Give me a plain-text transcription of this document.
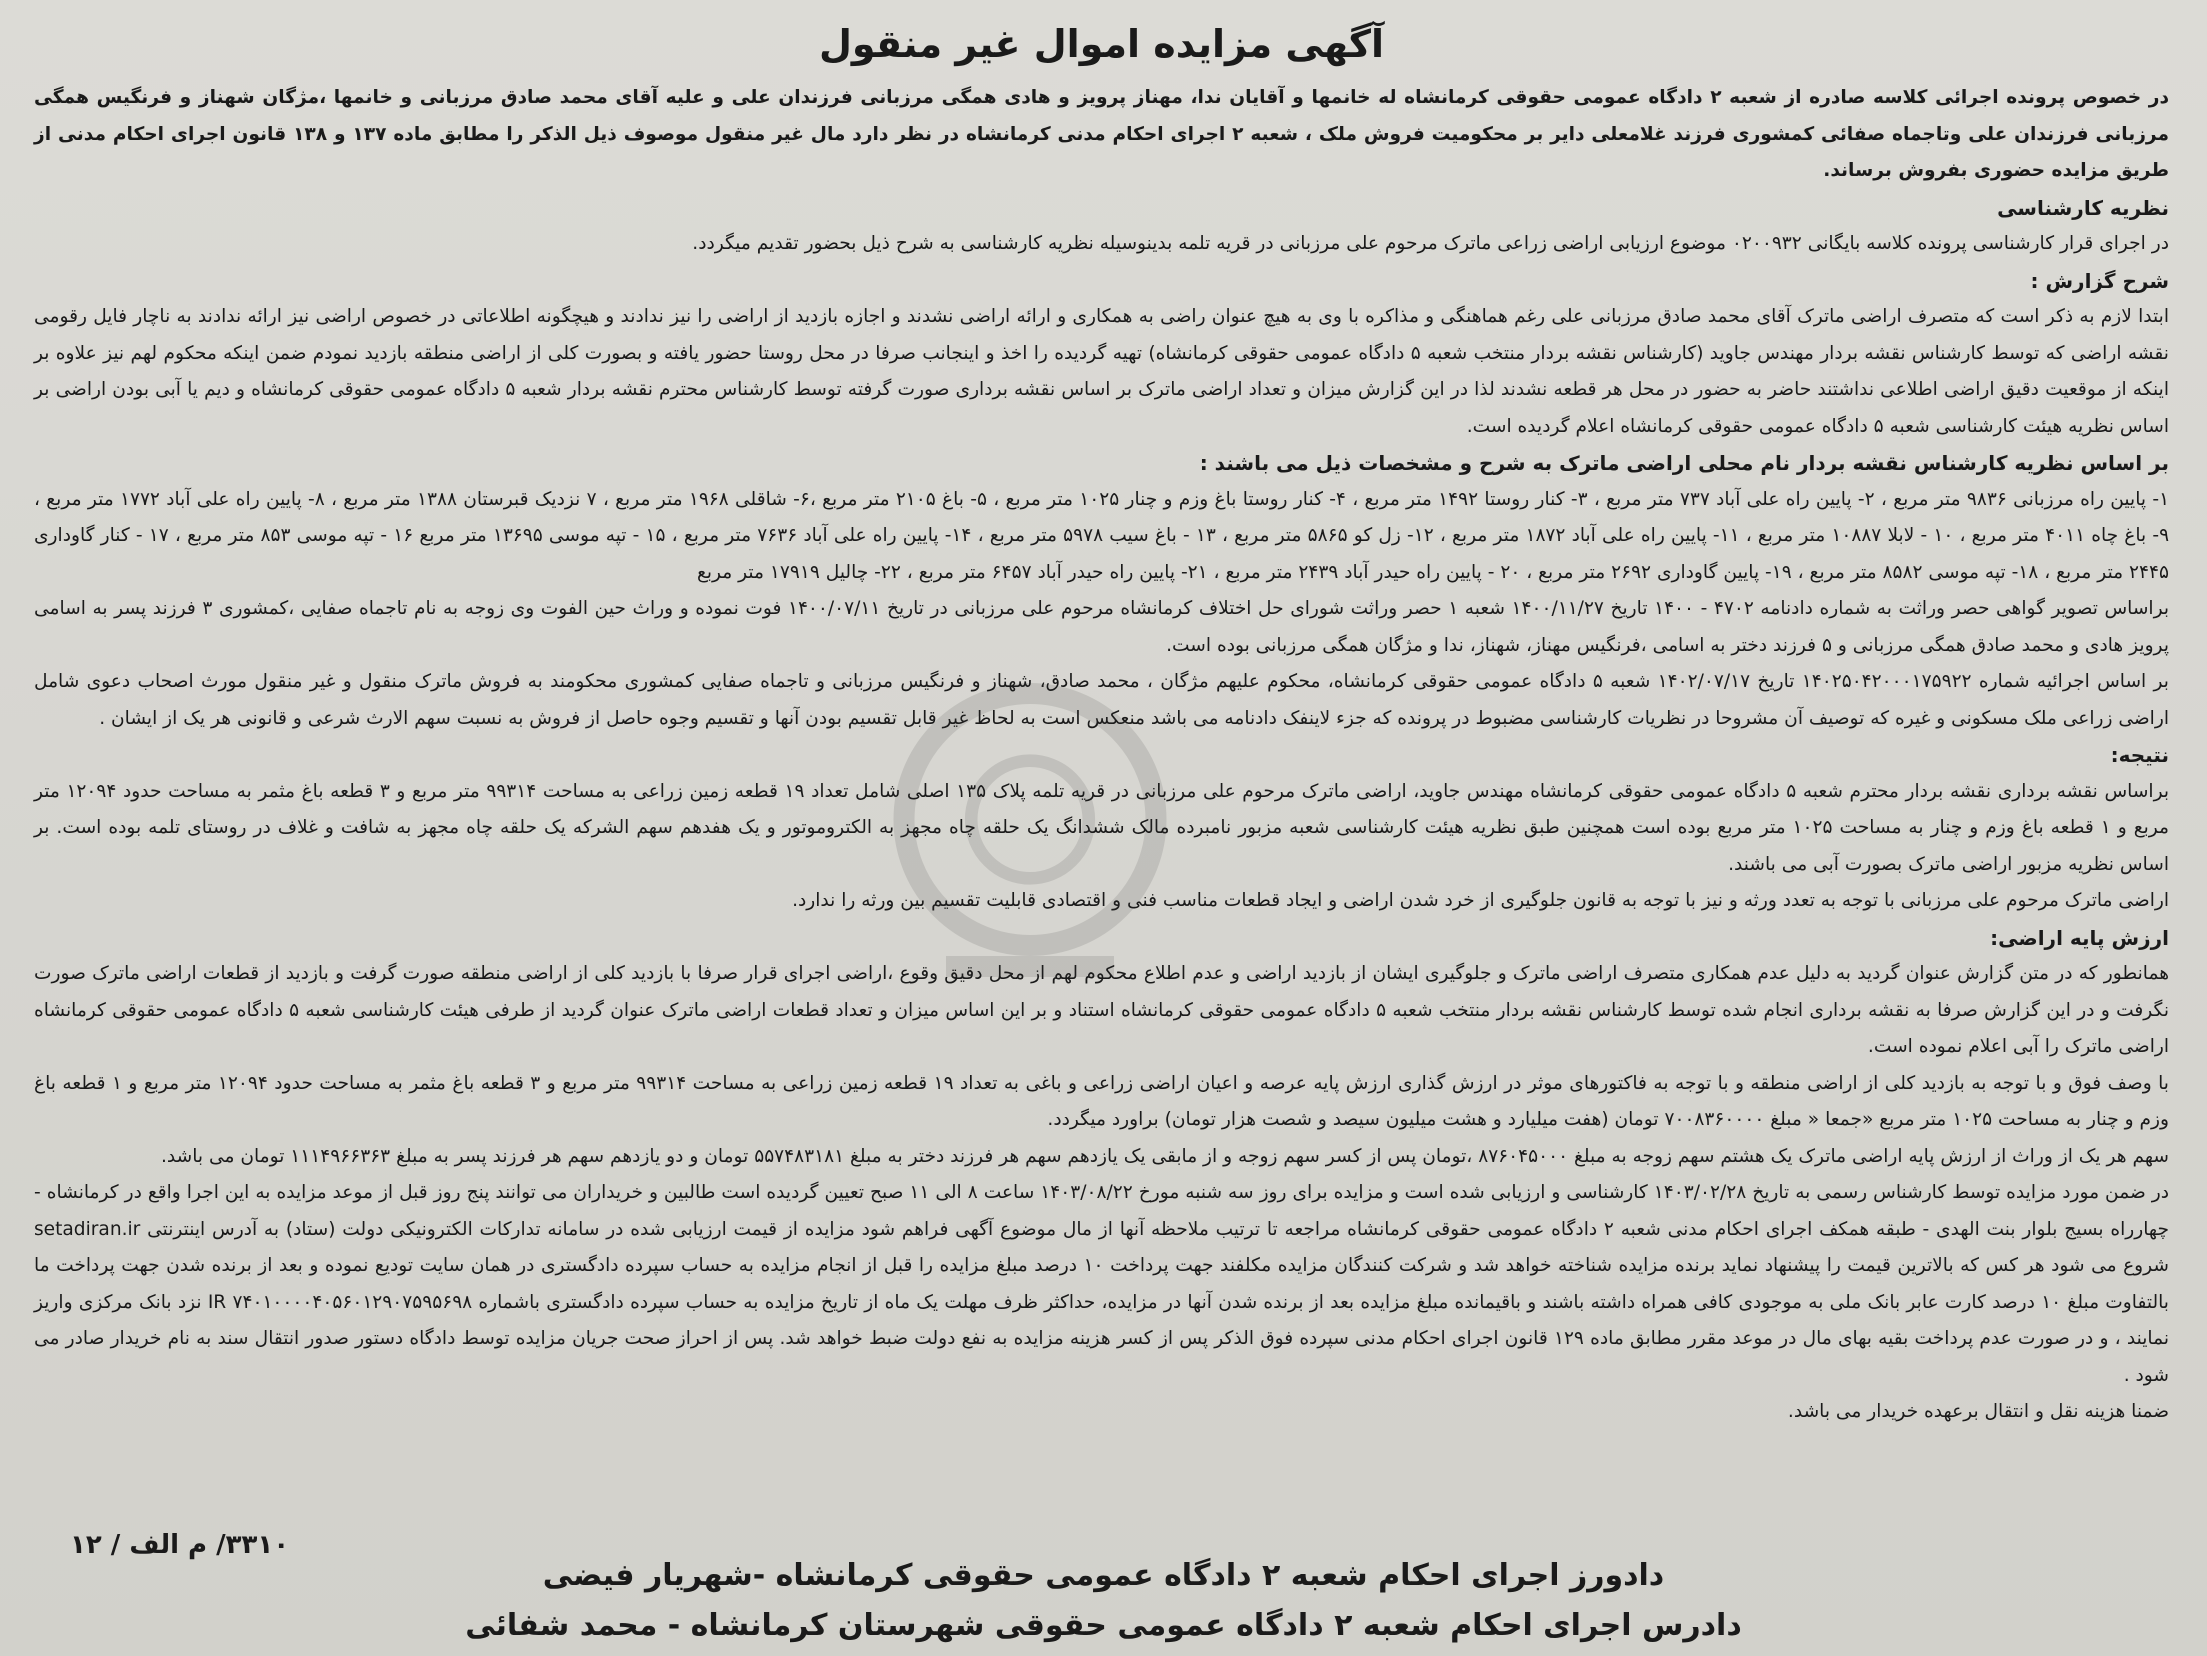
آگهی مزایده اموال غیر منقول

در خصوص پرونده اجرائی کلاسه صادره از شعبه ۲ دادگاه عمومی حقوقی کرمانشاه له خانمها و آقایان ندا، مهناز پرویز و هادی همگی مرزبانی فرزندان علی و علیه آقای محمد صادق مرزبانی و خانمها ،مژگان شهناز و فرنگیس همگی مرزبانی فرزندان علی وتاجماه صفائی کمشوری فرزند غلامعلی دایر بر محکومیت فروش ملک ، شعبه ۲ اجرای احکام مدنی کرمانشاه در نظر دارد مال غیر منقول موصوف ذیل الذکر را مطابق ماده ۱۳۷ و ۱۳۸ قانون اجرای احکام مدنی از طریق مزایده حضوری بفروش برساند.

نظریه کارشناسی

در اجرای قرار کارشناسی پرونده کلاسه بایگانی ۰۲۰۰۹۳۲ موضوع ارزیابی اراضی زراعی ماترک مرحوم علی مرزبانی در قریه تلمه بدینوسیله نظریه کارشناسی به شرح ذیل بحضور تقدیم میگردد.

شرح گزارش :

ابتدا لازم به ذکر است که متصرف اراضی ماترک آقای محمد صادق مرزبانی علی رغم هماهنگی و مذاکره با وی به هیچ عنوان راضی به همکاری و ارائه اراضی نشدند و اجازه بازدید از اراضی را نیز ندادند و هیچگونه اطلاعاتی در خصوص اراضی نیز ارائه ندادند به ناچار فایل رقومی نقشه اراضی که توسط کارشناس نقشه بردار مهندس جاوید (کارشناس نقشه بردار منتخب شعبه ۵ دادگاه عمومی حقوقی کرمانشاه) تهیه گردیده را اخذ و اینجانب صرفا در محل روستا حضور یافته و بصورت کلی از اراضی منطقه بازدید نمودم ضمن اینکه محکوم لهم نیز علاوه بر اینکه از موقعیت دقیق اراضی اطلاعی نداشتند حاضر به حضور در محل هر قطعه نشدند لذا در این گزارش میزان و تعداد اراضی ماترک بر اساس نقشه برداری صورت گرفته توسط کارشناس محترم نقشه بردار شعبه ۵ دادگاه عمومی حقوقی کرمانشاه و دیم یا آبی بودن اراضی بر اساس نظریه هیئت کارشناسی شعبه ۵ دادگاه عمومی حقوقی کرمانشاه اعلام گردیده است.

بر اساس نظریه کارشناس نقشه بردار نام محلی اراضی ماترک به شرح و مشخصات ذیل می باشند :

۱- پایین راه مرزبانی ۹۸۳۶ متر مربع ، ۲- پایین راه علی آباد ۷۳۷ متر مربع ، ۳- کنار روستا ۱۴۹۲ متر مربع ، ۴- کنار روستا باغ وزم و چنار ۱۰۲۵ متر مربع ، ۵- باغ ۲۱۰۵ متر مربع ،۶- شاقلی ۱۹۶۸ متر مربع ، ۷ نزدیک قبرستان ۱۳۸۸ متر مربع ، ۸- پایین راه علی آباد ۱۷۷۲ متر مربع ، ۹- باغ چاه ۴۰۱۱ متر مربع ، ۱۰ - لابلا ۱۰۸۸۷ متر مربع ، ۱۱- پایین راه علی آباد ۱۸۷۲ متر مربع ، ۱۲- زل کو ۵۸۶۵ متر مربع ، ۱۳ - باغ سیب ۵۹۷۸ متر مربع ، ۱۴- پایین راه علی آباد ۷۶۳۶ متر مربع ، ۱۵ - تپه موسی ۱۳۶۹۵ متر مربع ۱۶ - تپه موسی ۸۵۳ متر مربع ، ۱۷ - کنار گاوداری ۲۴۴۵ متر مربع ، ۱۸- تپه موسی ۸۵۸۲ متر مربع ، ۱۹- پایین گاوداری ۲۶۹۲ متر مربع ، ۲۰ - پایین راه حیدر آباد ۲۴۳۹ متر مربع ، ۲۱- پایین راه حیدر آباد ۶۴۵۷ متر مربع ، ۲۲- چالیل ۱۷۹۱۹ متر مربع

براساس تصویر گواهی حصر وراثت به شماره دادنامه ۴۷۰۲ - ۱۴۰۰ تاریخ ۱۴۰۰/۱۱/۲۷ شعبه ۱ حصر وراثت شورای حل اختلاف کرمانشاه مرحوم علی مرزبانی در تاریخ ۱۴۰۰/۰۷/۱۱ فوت نموده و وراث حین الفوت وی زوجه به نام تاجماه صفایی ،کمشوری ۳ فرزند پسر به اسامی پرویز هادی و محمد صادق همگی مرزبانی و ۵ فرزند دختر به اسامی ،فرنگیس مهناز، شهناز، ندا و مژگان همگی مرزبانی بوده است.

بر اساس اجرائیه شماره ۱۴۰۲۵۰۴۲۰۰۰۱۷۵۹۲۲ تاریخ ۱۴۰۲/۰۷/۱۷ شعبه ۵ دادگاه عمومی حقوقی کرمانشاه، محکوم علیهم مژگان ، محمد صادق، شهناز و فرنگیس مرزبانی و تاجماه صفایی کمشوری محکومند به فروش ماترک منقول و غیر منقول مورث اصحاب دعوی شامل اراضی زراعی ملک مسکونی و غیره که توصیف آن مشروحا در نظریات کارشناسی مضبوط در پرونده که جزء لاینفک دادنامه می باشد منعکس است به لحاظ غیر قابل تقسیم بودن آنها و تقسیم وجوه حاصل از فروش به نسبت سهم الارث شرعی و قانونی هر یک از ایشان .

نتیجه:

براساس نقشه برداری نقشه بردار محترم شعبه ۵ دادگاه عمومی حقوقی کرمانشاه مهندس جاوید، اراضی ماترک مرحوم علی مرزبانی در قریه تلمه پلاک ۱۳۵ اصلی شامل تعداد ۱۹ قطعه زمین زراعی به مساحت ۹۹۳۱۴ متر مربع و ۳ قطعه باغ مثمر به مساحت حدود ۱۲۰۹۴ متر مربع و ۱ قطعه باغ وزم و چنار به مساحت ۱۰۲۵ متر مربع بوده است همچنین طبق نظریه هیئت کارشناسی شعبه مزبور نامبرده مالک ششدانگ یک حلقه چاه مجهز به الکتروموتور و یک هفدهم سهم الشرکه یک حلقه چاه مجهز به شافت و غلاف در روستای تلمه بوده است. بر اساس نظریه مزبور اراضی ماترک بصورت آبی می باشند.

اراضی ماترک مرحوم علی مرزبانی با توجه به تعدد ورثه و نیز با توجه به قانون جلوگیری از خرد شدن اراضی و ایجاد قطعات مناسب فنی و اقتصادی قابلیت تقسیم بین ورثه را ندارد.

ارزش پایه اراضی:

همانطور که در متن گزارش عنوان گردید به دلیل عدم همکاری متصرف اراضی ماترک و جلوگیری ایشان از بازدید اراضی و عدم اطلاع محکوم لهم از محل دقیق وقوع ،اراضی اجرای قرار صرفا با بازدید کلی از اراضی منطقه صورت گرفت و بازدید از قطعات اراضی ماترک صورت نگرفت و در این گزارش صرفا به نقشه برداری انجام شده توسط کارشناس نقشه بردار منتخب شعبه ۵ دادگاه عمومی حقوقی کرمانشاه استناد و بر این اساس میزان و تعداد قطعات اراضی ماترک عنوان گردید از طرفی هیئت کارشناسی شعبه ۵ دادگاه عمومی حقوقی کرمانشاه اراضی ماترک را آبی اعلام نموده است.

با وصف فوق و با توجه به بازدید کلی از اراضی منطقه و با توجه به فاکتورهای موثر در ارزش گذاری ارزش پایه عرصه و اعیان اراضی زراعی و باغی به تعداد ۱۹ قطعه زمین زراعی به مساحت ۹۹۳۱۴ متر مربع و ۳ قطعه باغ مثمر به مساحت حدود ۱۲۰۹۴ متر مربع و ۱ قطعه باغ وزم و چنار به مساحت ۱۰۲۵ متر مربع «جمعا « مبلغ ۷۰۰۸۳۶۰۰۰۰ تومان (هفت میلیارد و هشت میلیون سیصد و شصت هزار تومان) براورد میگردد.

سهم هر یک از وراث از ارزش پایه اراضی ماترک یک هشتم سهم زوجه به مبلغ ۸۷۶۰۴۵۰۰۰ ،تومان پس از کسر سهم زوجه و از مابقی یک یازدهم سهم هر فرزند دختر به مبلغ ۵۵۷۴۸۳۱۸۱ تومان و دو یازدهم سهم هر فرزند پسر به مبلغ ۱۱۱۴۹۶۶۳۶۳ تومان می باشد.

در ضمن مورد مزایده توسط کارشناس رسمی به تاریخ ۱۴۰۳/۰۲/۲۸ کارشناسی و ارزیابی شده است و مزایده برای روز سه شنبه مورخ ۱۴۰۳/۰۸/۲۲ ساعت ۸ الی ۱۱ صبح تعیین گردیده است طالبین و خریداران می توانند پنج روز قبل از موعد مزایده به این اجرا واقع در کرمانشاه - چهارراه بسیج بلوار بنت الهدی - طبقه همکف اجرای احکام مدنی شعبه ۲ دادگاه عمومی حقوقی کرمانشاه مراجعه تا ترتیب ملاحظه آنها از مال موضوع آگهی فراهم شود مزایده از قیمت ارزیابی شده در سامانه تدارکات الکترونیکی دولت (ستاد) به آدرس اینترنتی setadiran.ir شروع می شود هر کس که بالاترین قیمت را پیشنهاد نماید برنده مزایده شناخته خواهد شد و شرکت کنندگان مزایده مکلفند جهت پرداخت ۱۰ درصد مبلغ مزایده را قبل از انجام مزایده به حساب سپرده دادگستری در همان سایت تودیع نموده و بعد از برنده شدن جهت پرداخت ما بالتفاوت مبلغ ۱۰ درصد کارت عابر بانک ملی به موجودی کافی همراه داشته باشند و باقیمانده مبلغ مزایده بعد از برنده شدن آنها در مزایده، حداکثر ظرف مهلت یک ماه از تاریخ مزایده به حساب سپرده دادگستری باشماره IR ۷۴۰۱۰۰۰۰۴۰۵۶۰۱۲۹۰۷۵۹۵۶۹۸ نزد بانک مرکزی واریز نمایند ، و در صورت عدم پرداخت بقیه بهای مال در موعد مقرر مطابق ماده ۱۲۹ قانون اجرای احکام مدنی سپرده فوق الذکر پس از کسر هزینه مزایده به نفع دولت ضبط خواهد شد. پس از احراز صحت جریان مزایده توسط دادگاه دستور صدور انتقال سند به نام خریدار صادر می شود .

ضمنا هزینه نقل و انتقال برعهده خریدار می باشد.

۳۳۱۰/ م الف / ۱۲
دادورز اجرای احکام شعبه ۲ دادگاه عمومی حقوقی کرمانشاه -شهریار فیضی
دادرس اجرای احکام شعبه ۲ دادگاه عمومی حقوقی شهرستان کرمانشاه - محمد شفائی
